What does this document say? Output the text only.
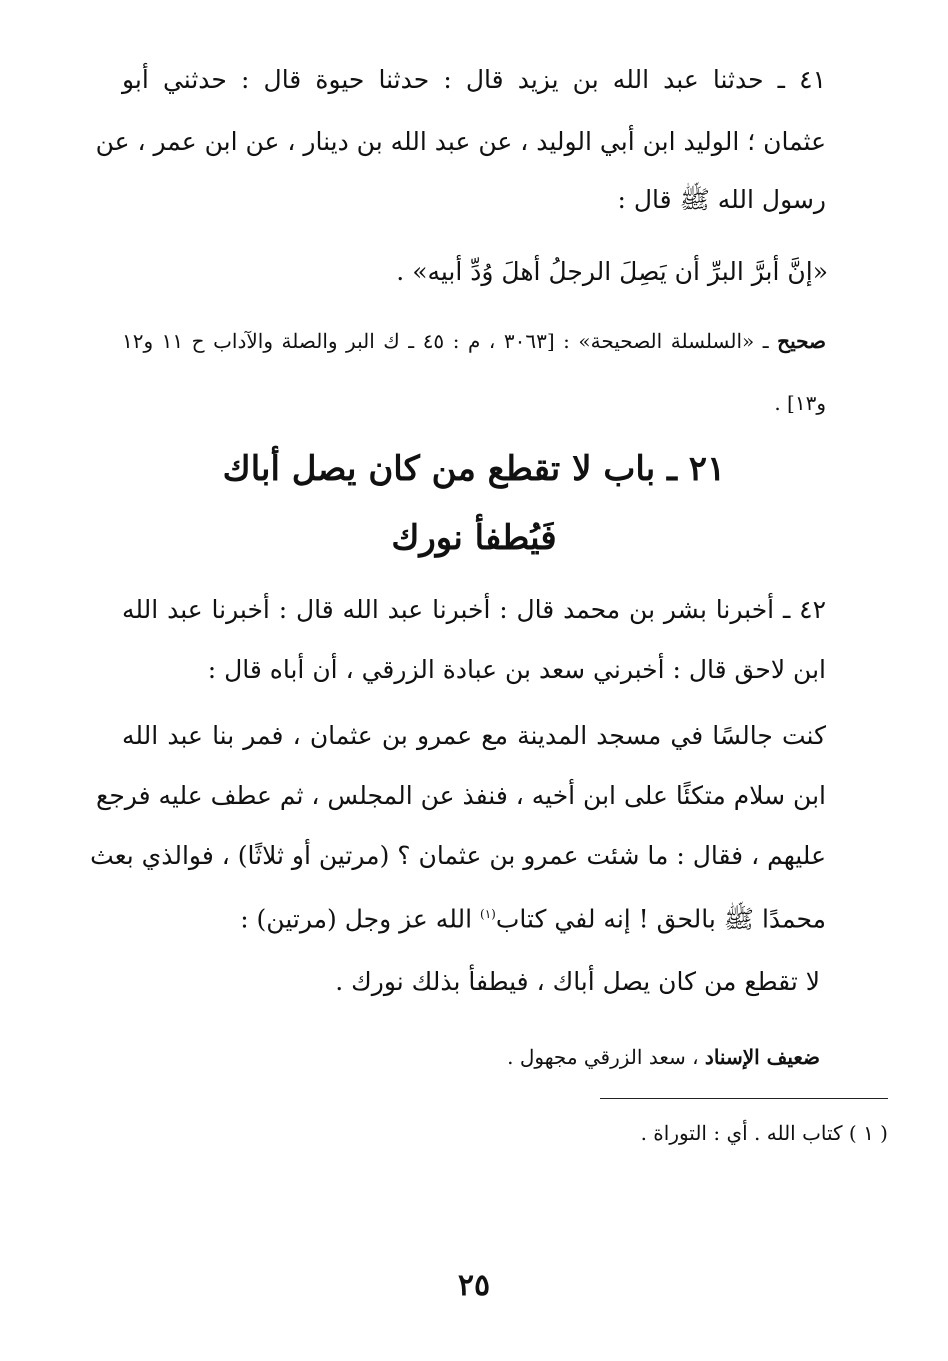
٤١ ـ حدثنا عبد الله بن يزيد قال : حدثنا حيوة قال : حدثني أبو
عثمان ؛ الوليد ابن أبي الوليد ، عن عبد الله بن دينار ، عن ابن عمر ، عن
رسول الله ﷺ قال :
«إنَّ أبرَّ البرِّ أن يَصِلَ الرجلُ أهلَ وُدِّ أبيه» .
صحيح ـ «السلسلة الصحيحة» : [٣٠٦٣ ، م : ٤٥ ـ ك البر والصلة والآداب ح ١١ و١٢
و١٣] .
٢١ ـ باب لا تقطع من كان يصل أباك
فَيُطفأ نورك
٤٢ ـ أخبرنا بشر بن محمد قال : أخبرنا عبد الله قال : أخبرنا عبد الله
ابن لاحق قال : أخبرني سعد بن عبادة الزرقي ، أن أباه قال :
كنت جالسًا في مسجد المدينة مع عمرو بن عثمان ، فمر بنا عبد الله
ابن سلام متكئًا على ابن أخيه ، فنفذ عن المجلس ، ثم عطف عليه فرجع
عليهم ، فقال : ما شئت عمرو بن عثمان ؟ (مرتين أو ثلاثًا) ، فوالذي بعث
محمدًا ﷺ بالحق ! إنه لفي كتاب$^{(١)}$ الله عز وجل (مرتين) :
لا تقطع من كان يصل أباك ، فيطفأ بذلك نورك .
ضعيف الإسناد ، سعد الزرقي مجهول .
( ١ ) كتاب الله . أي : التوراة .
٢٥
